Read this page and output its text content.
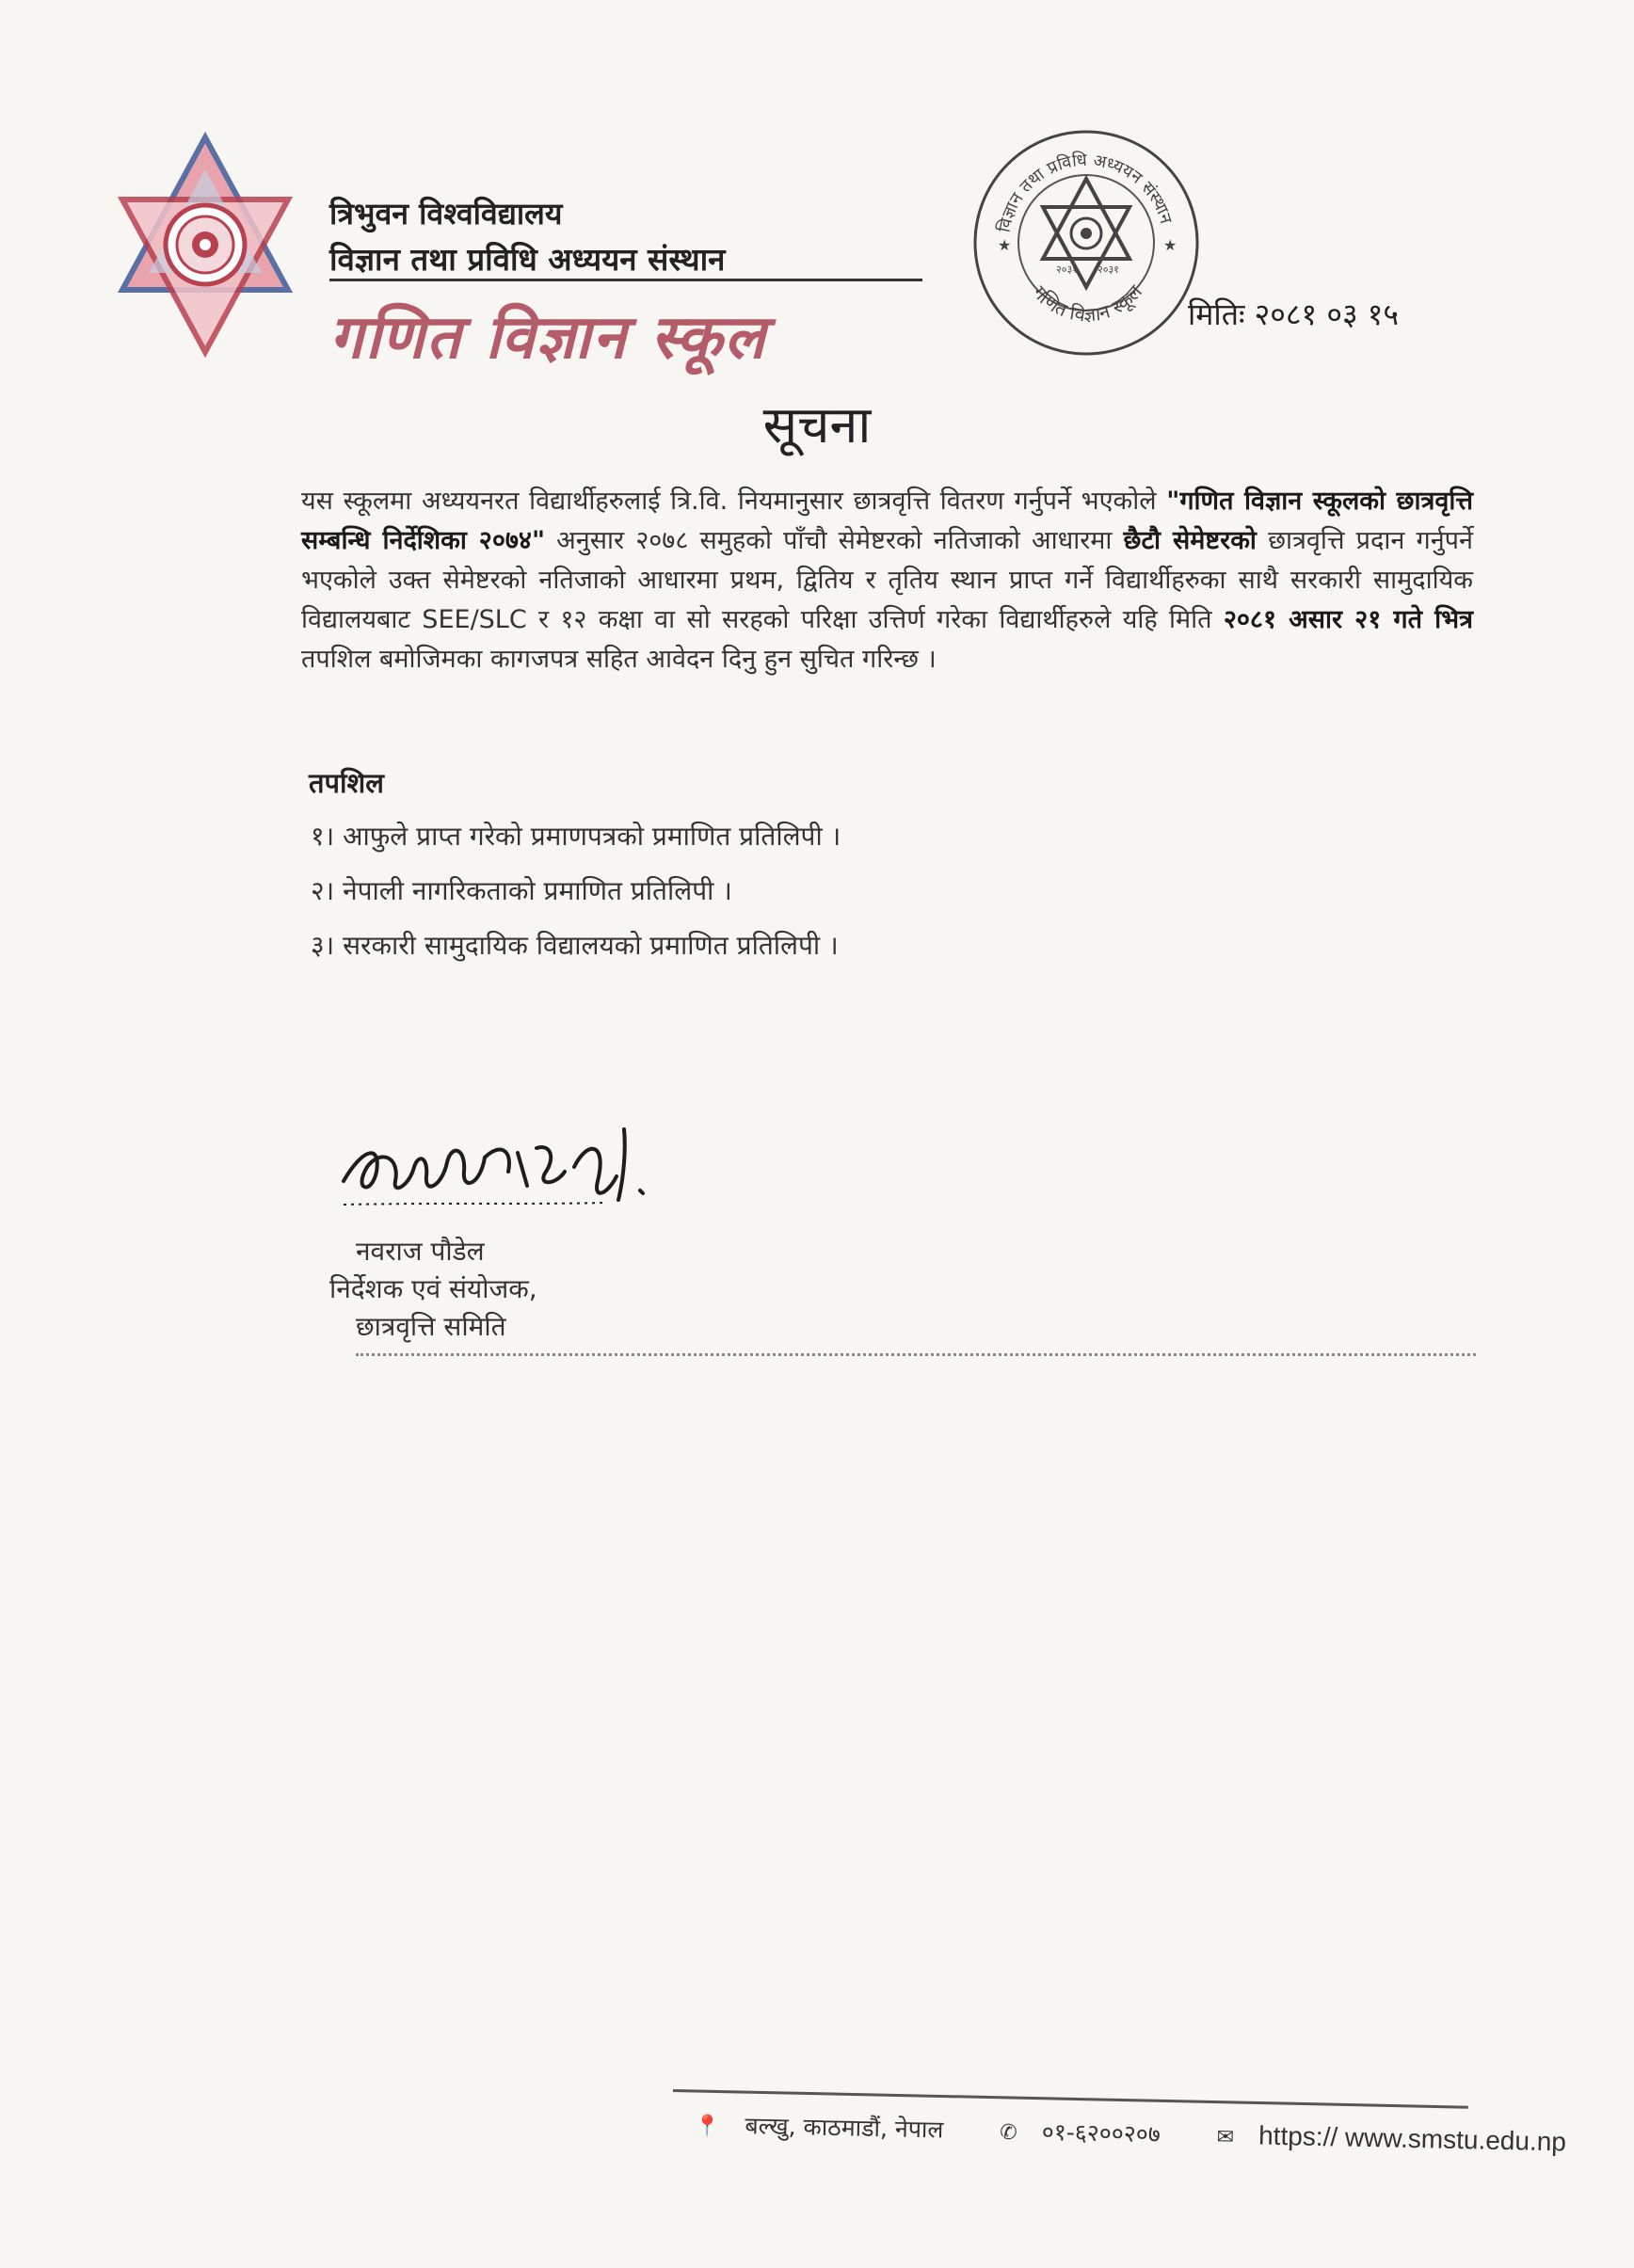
त्रिभुवन विश्वविद्यालय
विज्ञान तथा प्रविधि अध्ययन संस्थान
गणित विज्ञान स्कूल
विज्ञान तथा प्रविधि अध्ययन संस्थान
गणित विज्ञान स्कूल
२०३१ २०३१
★	★
मितिः २०८१ ०३ १५
सूचना
यस स्कूलमा अध्ययनरत विद्यार्थीहरुलाई त्रि.वि. नियमानुसार छात्रवृत्ति वितरण गर्नुपर्ने भएकोले "गणित विज्ञान स्कूलको छात्रवृत्ति सम्बन्धि निर्देशिका २०७४" अनुसार २०७८ समुहको पाँचौ सेमेष्टरको नतिजाको आधारमा छैटौ सेमेष्टरको छात्रवृत्ति प्रदान गर्नुपर्ने भएकोले उक्त सेमेष्टरको नतिजाको आधारमा प्रथम, द्वितिय र तृतिय स्थान प्राप्त गर्ने विद्यार्थीहरुका साथै सरकारी सामुदायिक विद्यालयबाट SEE/SLC र १२ कक्षा वा सो सरहको परिक्षा उत्तिर्ण गरेका विद्यार्थीहरुले यहि मिति २०८१ असार २१ गते भित्र तपशिल बमोजिमका कागजपत्र सहित आवेदन दिनु हुन सुचित गरिन्छ ।
तपशिल
१। आफुले प्राप्त गरेको प्रमाणपत्रको प्रमाणित प्रतिलिपी ।
२। नेपाली नागरिकताको प्रमाणित प्रतिलिपी ।
३। सरकारी सामुदायिक विद्यालयको प्रमाणित प्रतिलिपी ।
नवराज पौडेल
निर्देशक एवं संयोजक,
छात्रवृत्ति समिति
📍 बल्खु, काठमाडौं, नेपाल	✆ ०१-६२००२०७	✉ https:// www.smstu.edu.np
